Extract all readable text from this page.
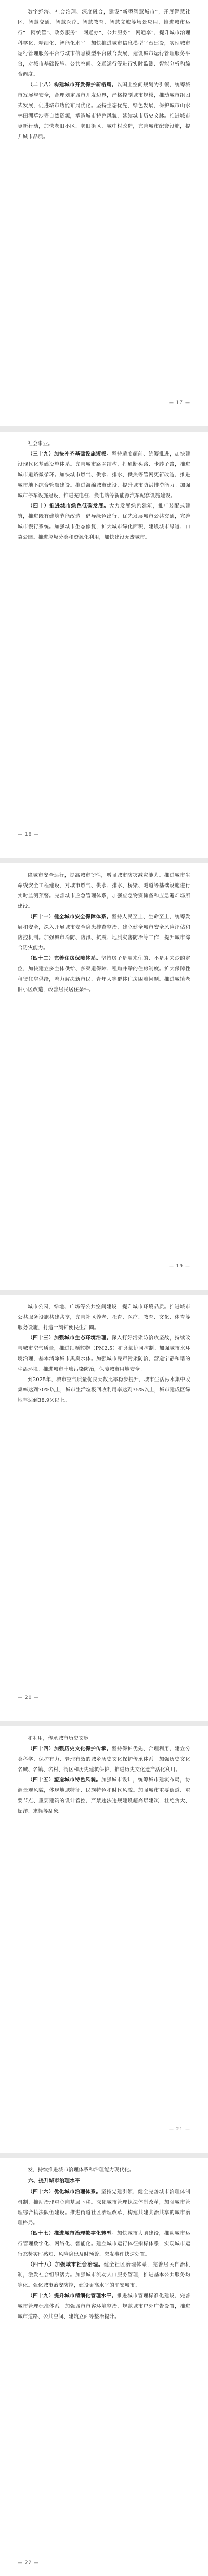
数字经济、社会治理、深度融合，建设“新型智慧城市”，开展智慧社区、智慧交通、智慧医疗、智慧教育、智慧文旅等场景应用，推进城市运行“一网统管”、政务服务“一网通办”、公共服务“一网通享”，提升城市治理科学化、精细化、智能化水平。加快推进城市信息模型平台建设，实现城市运行管理服务平台与城市信息模型平台融合发展，建设城市运行管理服务平台，对城市基础设施、公共空间、交通运行等进行实时监测、智能分析和综合调度。

（二十八）构建城市开发保护新格局。以国土空间规划为引领，统筹城市发展与安全，合理划定城市开发边界，严格控制城市规模，推动城市组团式发展，促进城市功能布局优化。坚持生态优先、绿色发展，保护城市山水林田湖草沙等自然资源，塑造城市特色风貌，延续城市历史文脉。推进城市更新行动，加快老旧小区、老旧街区、城中村改造，完善城市配套设施，提升城市品质。

— 17 —

社会事业。

（三十九）加快补齐基础设施短板。坚持适度超前、统筹推进，加快建设现代化基础设施体系。完善城市路网结构，打通断头路、卡脖子路，推进城市道路微循环。加快城市燃气、供水、排水、供热等管网更新改造，推进城市地下综合管廊建设。推进海绵城市建设，提升城市防洪排涝能力。加强城市停车设施建设，推进充电桩、换电站等新能源汽车配套设施建设。

（四十）推进城市绿色低碳发展。大力发展绿色建筑，推广装配式建筑，推进既有建筑节能改造。倡导绿色出行，优先发展城市公共交通，完善城市慢行系统。加强城市生态修复，扩大城市绿化面积，建设城市绿道、口袋公园。推进垃圾分类和资源化利用，加快建设无废城市。

— 18 —

障城市安全运行，提高城市韧性，增强城市防灾减灾能力。推进城市生命线安全工程建设，对城市燃气、供水、排水、桥梁、隧道等基础设施进行实时监测预警。完善城市应急管理体系，加强应急物资储备和应急避难场所建设。

（四十一）健全城市安全保障体系。坚持人民至上、生命至上，统筹发展和安全，深入开展城市安全隐患排查整治，建立健全城市安全风险评估和防控机制。加强城市消防、防汛、抗震、地质灾害防治等工作，提升城市综合防灾能力。

（四十二）完善住房保障体系。坚持房子是用来住的、不是用来炒的定位，加快建立多主体供给、多渠道保障、租购并举的住房制度。扩大保障性租赁住房供给，着力解决新市民、青年人等群体住房困难问题。推进城镇老旧小区改造，改善居民居住条件。

— 19 —

城市公园、绿地、广场等公共空间建设，提升城市环境品质。推进城市公共服务设施共建共享，完善社区养老、托育、医疗、教育、文化、体育等服务设施，打造一刻钟便民生活圈。

（四十三）加强城市生态环境治理。深入打好污染防治攻坚战，持续改善城市空气质量，推进细颗粒物（PM2.5）和臭氧协同控制。加强城市水环境治理，基本消除城市黑臭水体。加强城市噪声污染防治，营造宁静和谐的生活环境。推进城市土壤污染防治，保障城市用地安全。

到2025年，城市空气质量优良天数比率稳步提升，城市生活污水集中收集率达到70%以上，城市生活垃圾回收利用率达到35%以上，城市建成区绿地率达到38.9%以上。

— 20 —

和利用，传承城市历史文脉。

（四十四）加强历史文化保护传承。坚持保护优先、合理利用，建立分类科学、保护有力、管理有效的城乡历史文化保护传承体系。加强历史文化名城、名镇、名村、街区和历史建筑保护，推进历史文化遗产活化利用。

（四十五）塑造城市特色风貌。加强城市设计，统筹城市建筑布局，协调景观风貌，体现地域特征、民族特色和时代风貌。加强城市重要街道、重要节点、重要建筑的设计管控，严禁违法违规建设超高层建筑，杜绝贪大、媚洋、求怪等乱象。

— 21 —

发，持续推进城市治理体系和治理能力现代化。

六、提升城市治理水平

（四十六）优化城市治理体系。坚持党建引领，健全完善城市治理体制机制，推动治理重心向基层下移。深化城市管理执法体制改革，加强城市管理综合执法队伍建设。推进街道社区治理改革，构建共建共治共享的城市治理格局。

（四十七）推进城市治理数字化转型。加快城市大脑建设，推动城市运行管理数字化、网络化、智能化。建立城市运行体征指标体系，实现城市运行态势实时感知、风险隐患及时预警、突发事件快速处置。

（四十八）加强城市社会治理。健全社区治理体系，完善居民自治机制，激发社会组织活力。加强城市流动人口服务管理，推进基本公共服务均等化。强化城市治安防控，建设更高水平的平安城市。

（四十九）提升城市精细化管理水平。推进城市管理标准化建设，完善城市管理标准体系。加强城市市容环境整治，规范城市户外广告设置，推进城市道路、公共空间、建筑立面等整治提升。

— 22 —
